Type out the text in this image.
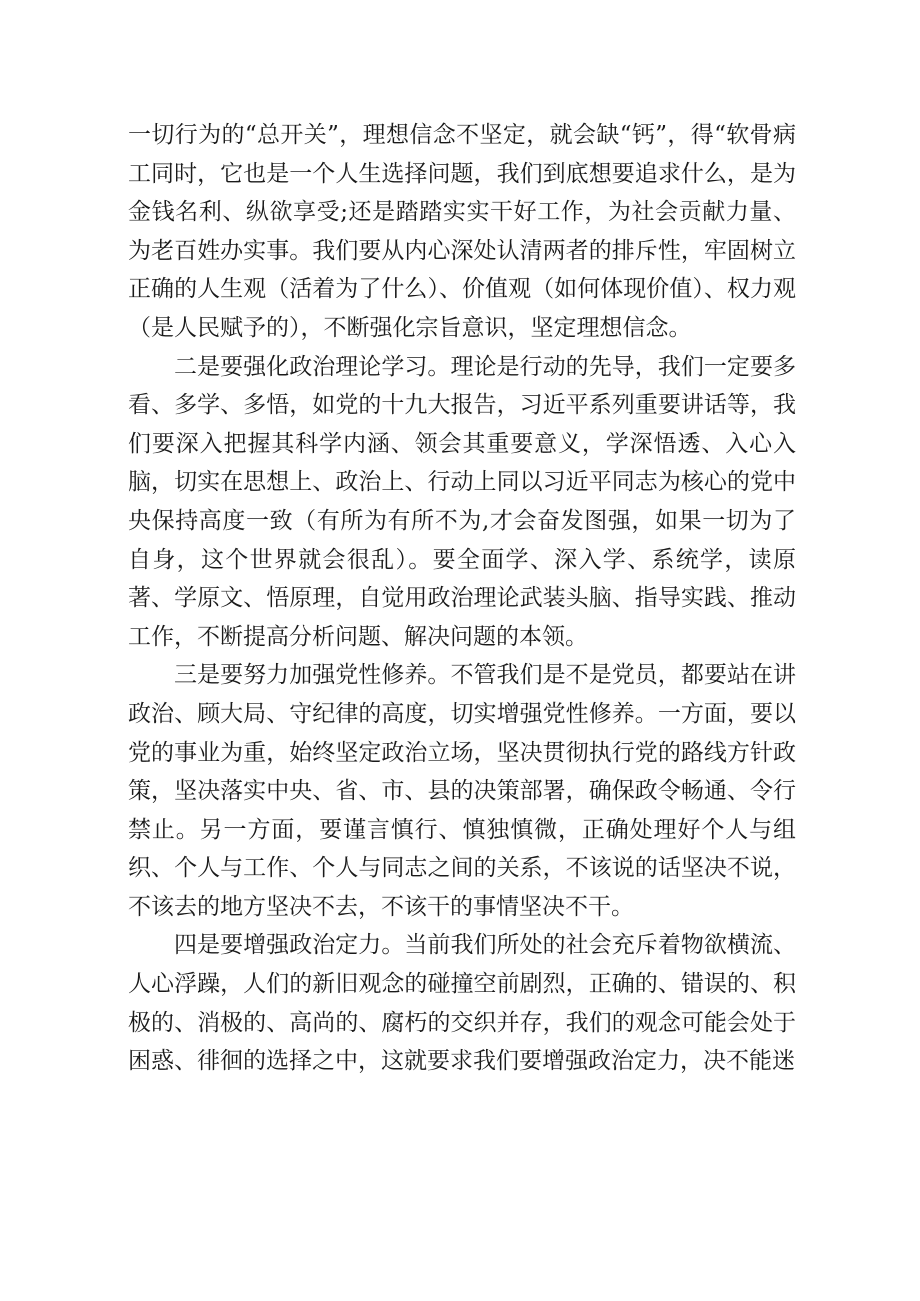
一切行为的“总开关”，理想信念不坚定，就会缺“钙”，得“软骨病工同时，它也是一个人生选择问题，我们到底想要追求什么，是为金钱名利、纵欲享受;还是踏踏实实干好工作，为社会贡献力量、为老百姓办实事。我们要从内心深处认清两者的排斥性，牢固树立正确的人生观（活着为了什么）、价值观（如何体现价值）、权力观（是人民赋予的），不断强化宗旨意识，坚定理想信念。

二是要强化政治理论学习。理论是行动的先导，我们一定要多看、多学、多悟，如党的十九大报告，习近平系列重要讲话等，我们要深入把握其科学内涵、领会其重要意义，学深悟透、入心入脑，切实在思想上、政治上、行动上同以习近平同志为核心的党中央保持高度一致（有所为有所不为,才会奋发图强，如果一切为了自身，这个世界就会很乱）。要全面学、深入学、系统学，读原著、学原文、悟原理，自觉用政治理论武装头脑、指导实践、推动工作，不断提高分析问题、解决问题的本领。

三是要努力加强党性修养。不管我们是不是党员，都要站在讲政治、顾大局、守纪律的高度，切实增强党性修养。一方面，要以党的事业为重，始终坚定政治立场，坚决贯彻执行党的路线方针政策，坚决落实中央、省、市、县的决策部署，确保政令畅通、令行禁止。另一方面，要谨言慎行、慎独慎微，正确处理好个人与组织、个人与工作、个人与同志之间的关系，不该说的话坚决不说，不该去的地方坚决不去，不该干的事情坚决不干。

四是要增强政治定力。当前我们所处的社会充斥着物欲横流、人心浮躁，人们的新旧观念的碰撞空前剧烈，正确的、错误的、积极的、消极的、高尚的、腐朽的交织并存，我们的观念可能会处于困惑、徘徊的选择之中，这就要求我们要增强政治定力，决不能迷
